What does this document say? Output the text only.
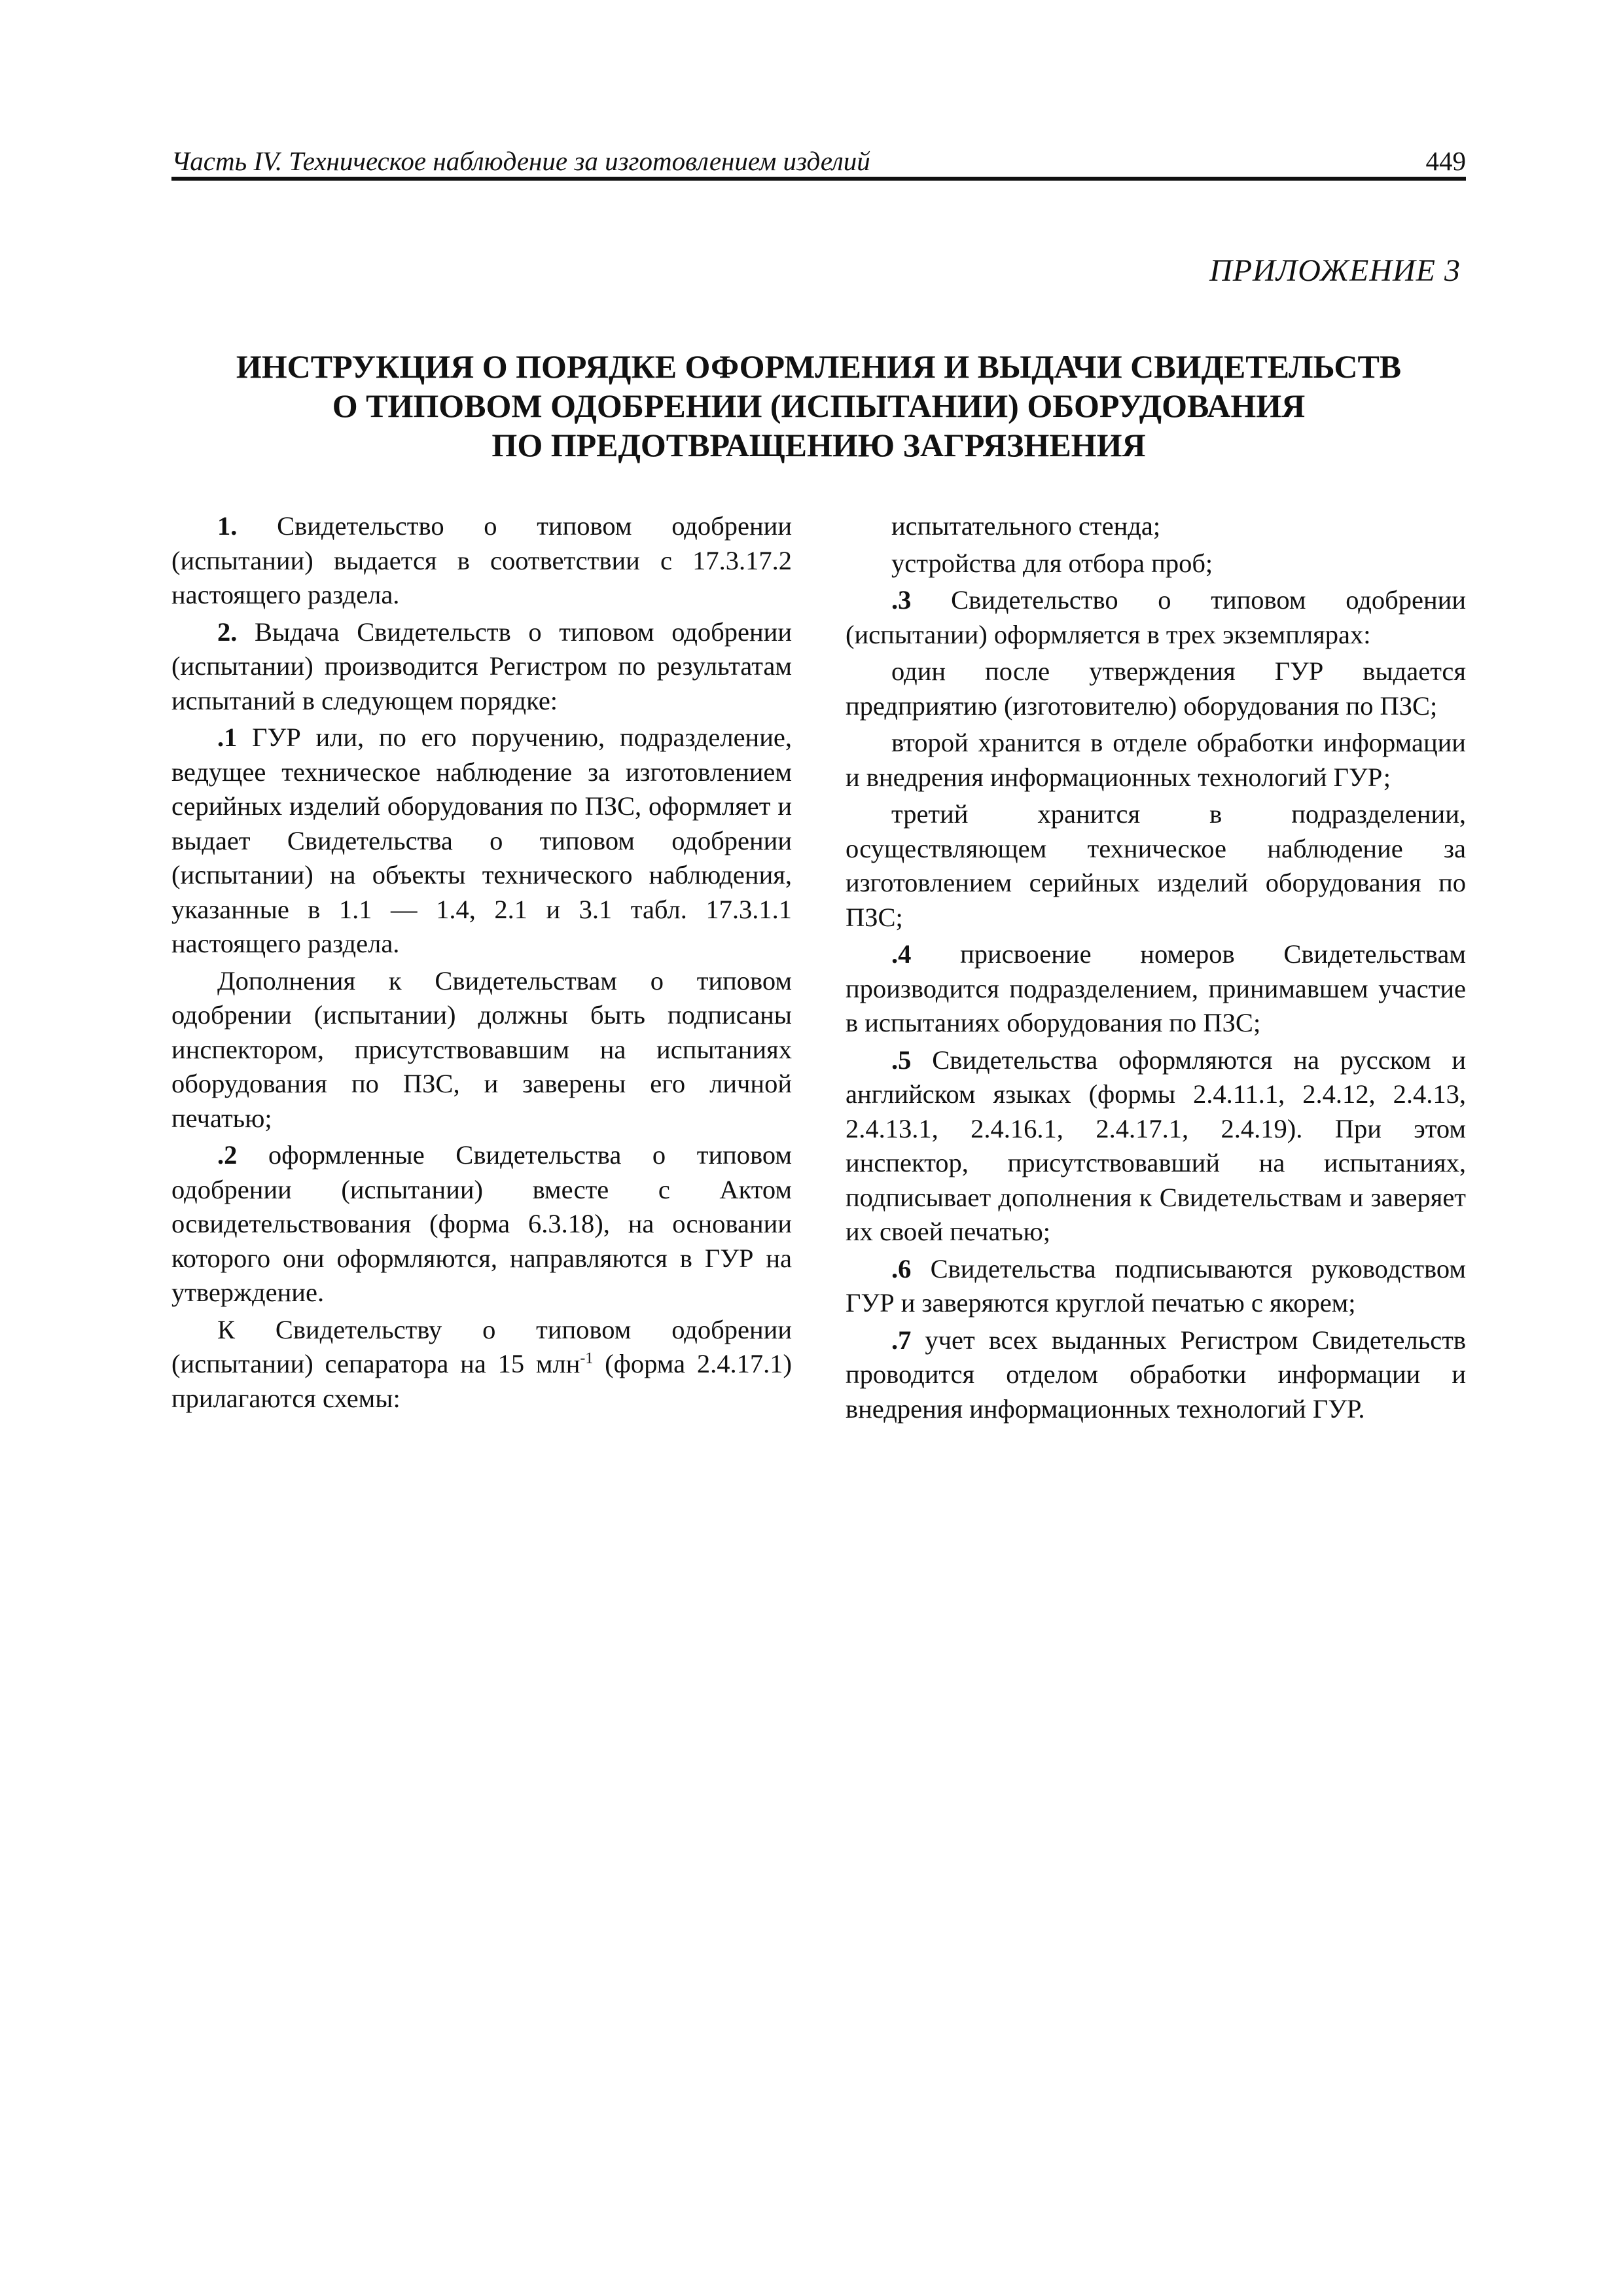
Часть IV. Техническое наблюдение за изготовлением изделий	449
ПРИЛОЖЕНИЕ 3
ИНСТРУКЦИЯ О ПОРЯДКЕ ОФОРМЛЕНИЯ И ВЫДАЧИ СВИДЕТЕЛЬСТВ
О ТИПОВОМ ОДОБРЕНИИ (ИСПЫТАНИИ) ОБОРУДОВАНИЯ
ПО ПРЕДОТВРАЩЕНИЮ ЗАГРЯЗНЕНИЯ

1. Свидетельство о типовом одобрении (испытании) выдается в соответствии с 17.3.17.2 настоящего раздела.

2. Выдача Свидетельств о типовом одобрении (испытании) производится Регистром по результатам испытаний в следующем порядке:

.1 ГУР или, по его поручению, подразделение, ведущее техническое наблюдение за изготовлением серийных изделий оборудования по ПЗС, оформляет и выдает Свидетельства о типовом одобрении (испытании) на объекты технического наблюдения, указанные в 1.1 — 1.4, 2.1 и 3.1 табл. 17.3.1.1 настоящего раздела.

Дополнения к Свидетельствам о типовом одобрении (испытании) должны быть подписаны инспектором, присутствовавшим на испытаниях оборудования по ПЗС, и заверены его личной печатью;

.2 оформленные Свидетельства о типовом одобрении (испытании) вместе с Актом освидетельствования (форма 6.3.18), на основании которого они оформляются, направляются в ГУР на утверждение.

К Свидетельству о типовом одобрении (испытании) сепаратора на 15 млн$^{-1}$ (форма 2.4.17.1) прилагаются схемы:

испытательного стенда;

устройства для отбора проб;

.3 Свидетельство о типовом одобрении (испытании) оформляется в трех экземплярах:

один после утверждения ГУР выдается предприятию (изготовителю) оборудования по ПЗС;

второй хранится в отделе обработки информации и внедрения информационных технологий ГУР;

третий хранится в подразделении, осуществляющем техническое наблюдение за изготовлением серийных изделий оборудования по ПЗС;

.4 присвоение номеров Свидетельствам производится подразделением, принимавшем участие в испытаниях оборудования по ПЗС;

.5 Свидетельства оформляются на русском и английском языках (формы 2.4.11.1, 2.4.12, 2.4.13, 2.4.13.1, 2.4.16.1, 2.4.17.1, 2.4.19). При этом инспектор, присутствовавший на испытаниях, подписывает дополнения к Свидетельствам и заверяет их своей печатью;

.6 Свидетельства подписываются руководством ГУР и заверяются круглой печатью с якорем;

.7 учет всех выданных Регистром Свидетельств проводится отделом обработки информации и внедрения информационных технологий ГУР.
